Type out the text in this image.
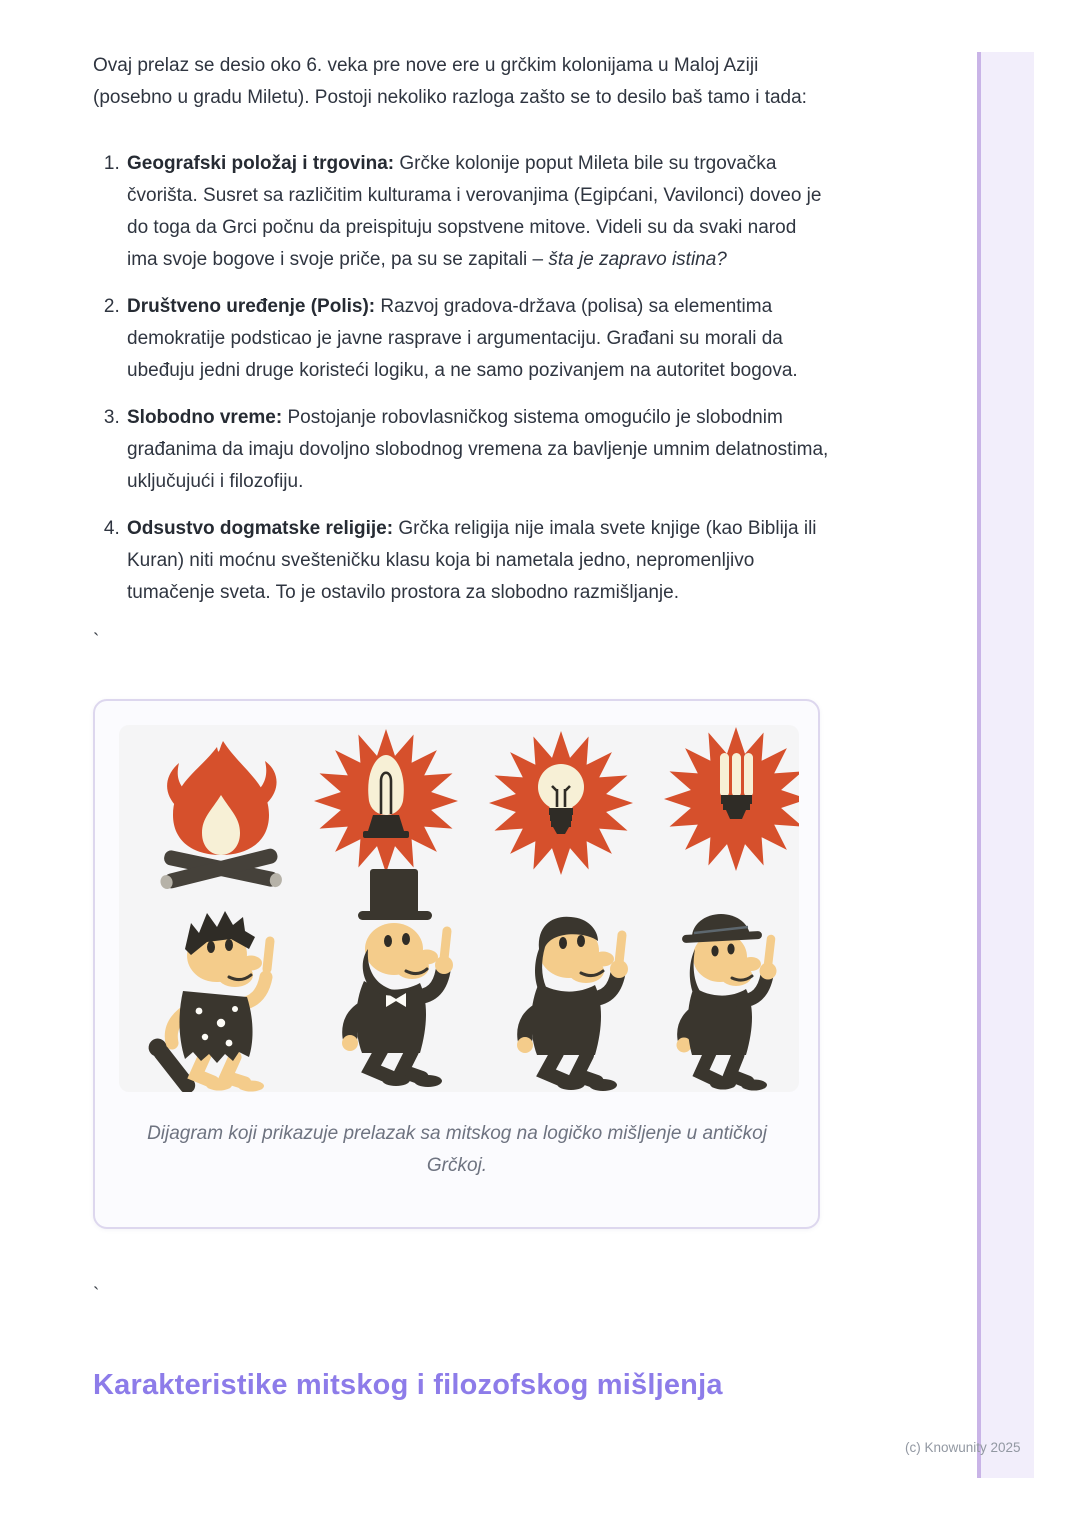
Ovaj prelaz se desio oko 6. veka pre nove ere u grčkim kolonijama u Maloj Aziji (posebno u gradu Miletu). Postoji nekoliko razloga zašto se to desilo baš tamo i tada:

1. Geografski položaj i trgovina: Grčke kolonije poput Mileta bile su trgovačka čvorišta. Susret sa različitim kulturama i verovanjima (Egipćani, Vavilonci) doveo je do toga da Grci počnu da preispituju sopstvene mitove. Videli su da svaki narod ima svoje bogove i svoje priče, pa su se zapitali – šta je zapravo istina?
2. Društveno uređenje (Polis): Razvoj gradova-država (polisa) sa elementima demokratije podsticao je javne rasprave i argumentaciju. Građani su morali da ubeđuju jedni druge koristeći logiku, a ne samo pozivanjem na autoritet bogova.
3. Slobodno vreme: Postojanje robovlasničkog sistema omogućilo je slobodnim građanima da imaju dovoljno slobodnog vremena za bavljenje umnim delatnostima, uključujući i filozofiju.
4. Odsustvo dogmatske religije: Grčka religija nije imala svete knjige (kao Biblija ili Kuran) niti moćnu svešteničku klasu koja bi nametala jedno, nepromenljivo tumačenje sveta. To je ostavilo prostora za slobodno razmišljanje.
`
Dijagram koji prikazuje prelazak sa mitskog na logičko mišljenje u antičkoj Grčkoj.
`
Karakteristike mitskog i filozofskog mišljenja
(c) Knowunity 2025
